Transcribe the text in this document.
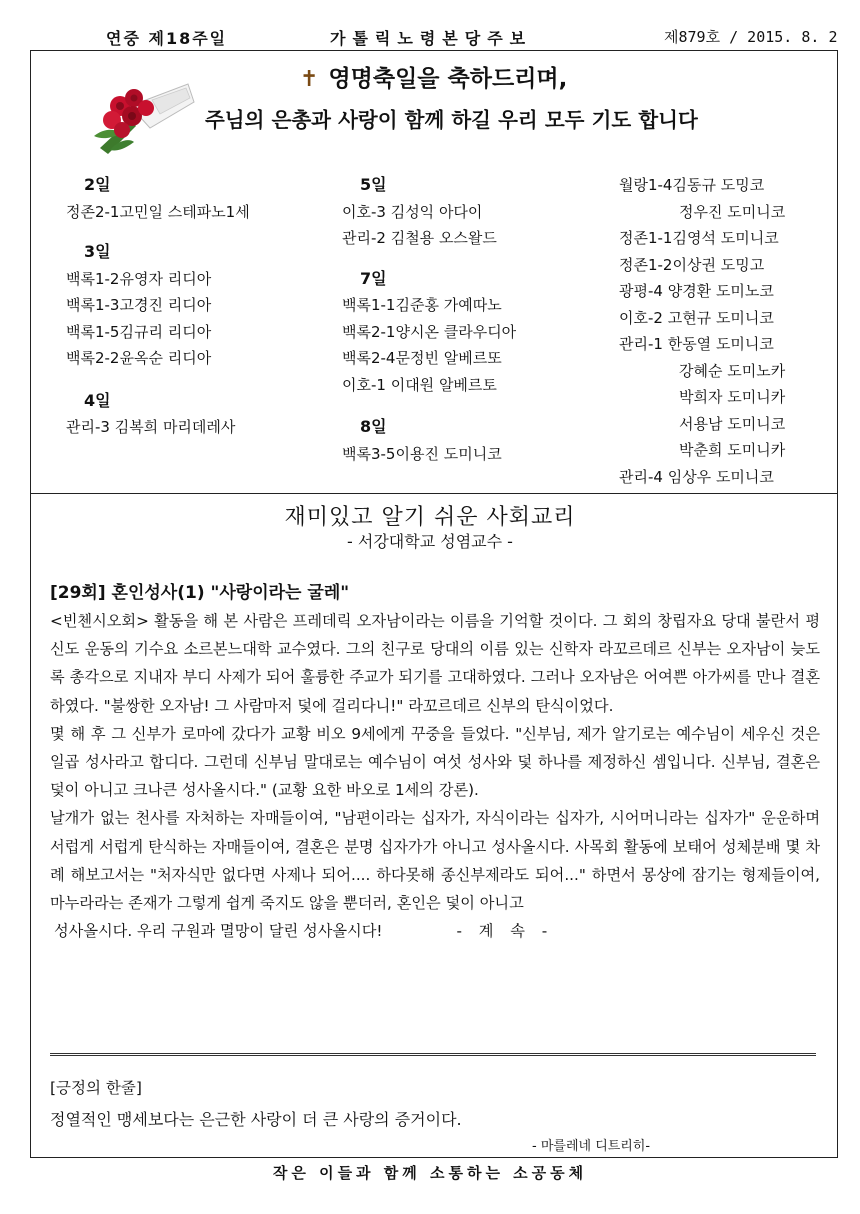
연중 제18주일	가톨릭노령본당주보	제879호 / 2015. 8. 2
✝ 영명축일을 축하드리며,
주님의 은총과 사랑이 함께 하길 우리 모두 기도 합니다
2일
정존2-1고민일 스테파노1세
3일
백록1-2유영자 리디아
백록1-3고경진 리디아
백록1-5김규리 리디아
백록2-2윤옥순 리디아
4일
관리-3 김복희 마리데레사
5일
이호-3 김성익 아다이
관리-2 김철용 오스왈드
7일
백록1-1김준홍 가예따노
백록2-1양시온 클라우디아
백록2-4문정빈 알베르또
이호-1 이대원 알베르토
8일
백록3-5이용진 도미니코
월랑1-4김동규 도밍코
정우진 도미니코
정존1-1김영석 도미니코
정존1-2이상권 도밍고
광평-4 양경환 도미노코
이호-2 고현규 도미니코
관리-1 한동열 도미니코
강혜순 도미노카
박희자 도미니카
서용남 도미니코
박춘희 도미니카
관리-4 임상우 도미니코
재미있고 알기 쉬운 사회교리
- 서강대학교 성염교수 -
[29회] 혼인성사(1) "사랑이라는 굴레"

<빈첸시오회> 활동을 해 본 사람은 프레데릭 오자남이라는 이름을 기억할 것이다. 그 회의 창립자요 당대 불란서 평신도 운동의 기수요 소르본느대학 교수였다. 그의 친구로 당대의 이름 있는 신학자 라꼬르데르 신부는 오자남이 늦도록 총각으로 지내자 부디 사제가 되어 훌륭한 주교가 되기를 고대하였다. 그러나 오자남은 어여쁜 아가씨를 만나 결혼하였다. "불쌍한 오자남! 그 사람마저 덫에 걸리다니!" 라꼬르데르 신부의 탄식이었다.

몇 해 후 그 신부가 로마에 갔다가 교황 비오 9세에게 꾸중을 들었다. "신부님, 제가 알기로는 예수님이 세우신 것은 일곱 성사라고 합디다. 그런데 신부님 말대로는 예수님이 여섯 성사와 덫 하나를 제정하신 셈입니다. 신부님, 결혼은 덫이 아니고 크나큰 성사올시다." (교황 요한 바오로 1세의 강론).

날개가 없는 천사를 자처하는 자매들이여, "남편이라는 십자가, 자식이라는 십자가, 시어머니라는 십자가" 운운하며 서럽게 서럽게 탄식하는 자매들이여, 결혼은 분명 십자가가 아니고 성사올시다. 사목회 활동에 보태어 성체분배 몇 차례 해보고서는 "처자식만 없다면 사제나 되어.... 하다못해 종신부제라도 되어..." 하면서 몽상에 잠기는 형제들이여, 마누라라는 존재가 그렇게 쉽게 죽지도 않을 뿐더러, 혼인은 덫이 아니고

성사올시다. 우리 구원과 멸망이 달린 성사올시다!	- 계 속 -

[긍정의 한줄]
정열적인 맹세보다는 은근한 사랑이 더 큰 사랑의 증거이다.
- 마를레네 디트리히-
작은 이들과 함께 소통하는 소공동체
